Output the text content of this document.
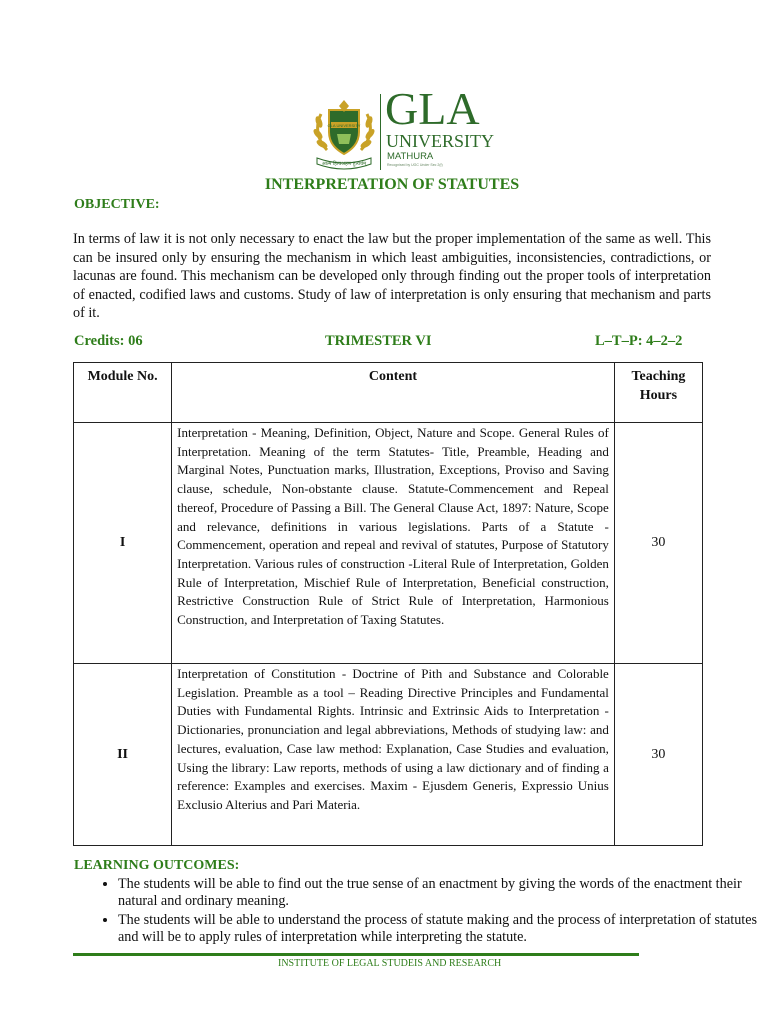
GLA UNIVERSITY
आत्म हित्यअहण हुत्यर्थम्
GLA
UNIVERSITY
MATHURA
Recognised by UGC Under Sec 2(f)
INTERPRETATION OF STATUTES
OBJECTIVE:
In terms of law it is not only necessary to enact the law but the proper implementation of the same as well. This can be insured only by ensuring the mechanism in which least ambiguities, inconsistencies, contradictions, or lacunas are found. This mechanism can be developed only through finding out the proper tools of interpretation of enacted, codified laws and customs. Study of law of interpretation is only ensuring that mechanism and parts of it.
Credits: 06	TRIMESTER VI	L–T–P: 4–2–2
Module No.	Content	Teaching Hours
I	Interpretation - Meaning, Definition, Object, Nature and Scope. General Rules of Interpretation. Meaning of the term Statutes- Title, Preamble, Heading and Marginal Notes, Punctuation marks, Illustration, Exceptions, Proviso and Saving clause, schedule, Non-obstante clause. Statute-Commencement and Repeal thereof, Procedure of Passing a Bill. The General Clause Act, 1897: Nature, Scope and relevance, definitions in various legislations. Parts of a Statute - Commencement, operation and repeal and revival of statutes, Purpose of Statutory Interpretation. Various rules of construction -Literal Rule of Interpretation, Golden Rule of Interpretation, Mischief Rule of Interpretation, Beneficial construction, Restrictive Construction Rule of Strict Rule of Interpretation, Harmonious Construction, and Interpretation of Taxing Statutes.	30
II	Interpretation of Constitution - Doctrine of Pith and Substance and Colorable Legislation. Preamble as a tool – Reading Directive Principles and Fundamental Duties with Fundamental Rights. Intrinsic and Extrinsic Aids to Interpretation - Dictionaries, pronunciation and legal abbreviations, Methods of studying law: and lectures, evaluation, Case law method: Explanation, Case Studies and evaluation, Using the library: Law reports, methods of using a law dictionary and of finding a reference: Examples and exercises. Maxim - Ejusdem Generis, Expressio Unius Exclusio Alterius and Pari Materia.	30
LEARNING OUTCOMES:
• The students will be able to find out the true sense of an enactment by giving the words of the enactment their natural and ordinary meaning.
• The students will be able to understand the process of statute making and the process of interpretation of statutes and will be to apply rules of interpretation while interpreting the statute.
INSTITUTE OF LEGAL STUDEIS AND RESEARCH
